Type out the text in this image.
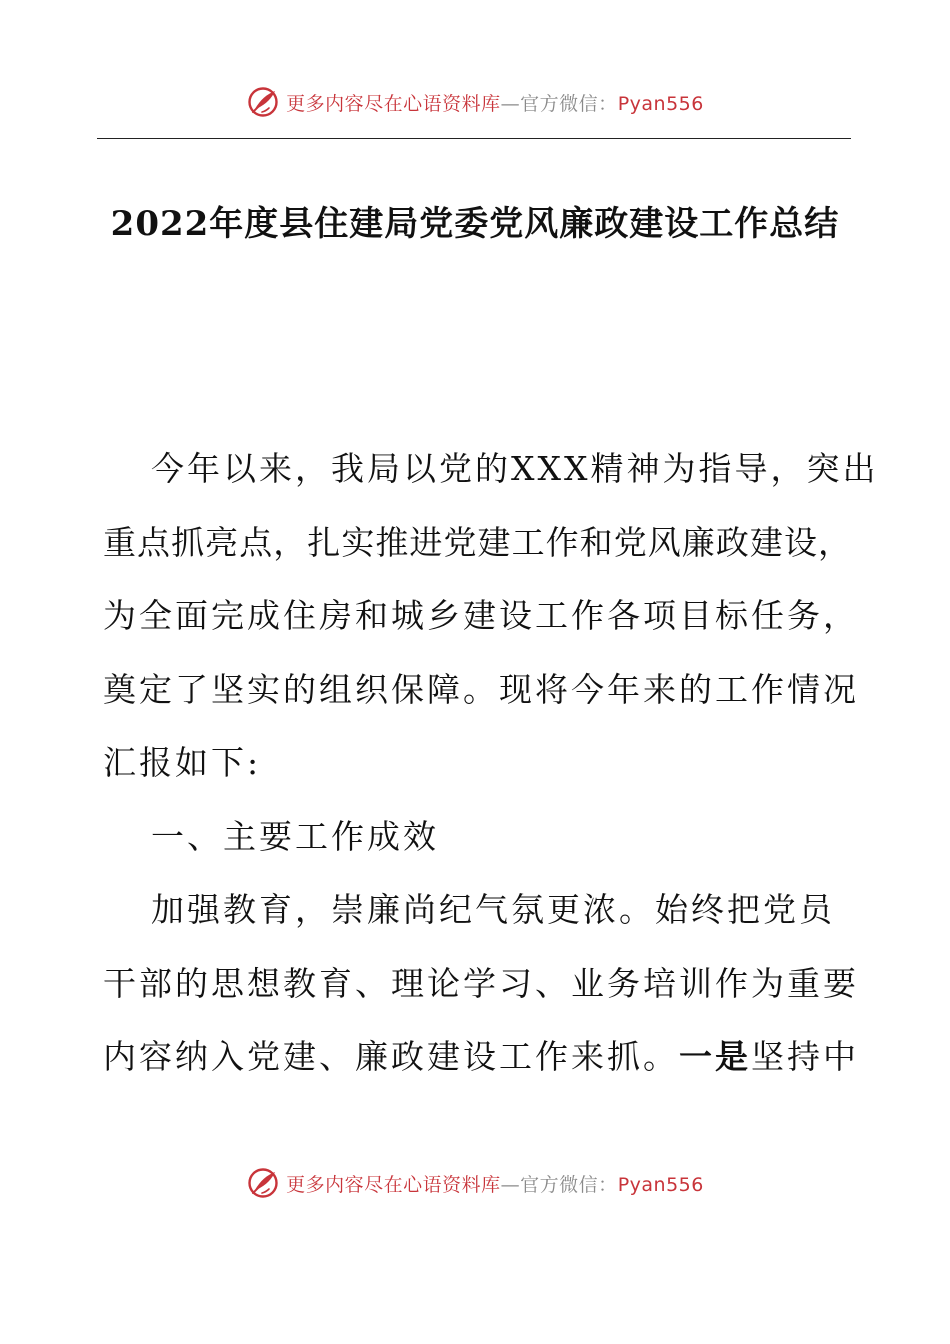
更多内容尽在心语资料库—官方微信：Pyan556
2022年度县住建局党委党风廉政建设工作总结
今年以来，我局以党的XXX精神为指导，突出
重点抓亮点，扎实推进党建工作和党风廉政建设，
为全面完成住房和城乡建设工作各项目标任务，
奠定了坚实的组织保障。现将今年来的工作情况
汇报如下:
一、主要工作成效
加强教育，崇廉尚纪气氛更浓。始终把党员
干部的思想教育、理论学习、业务培训作为重要
内容纳入党建、廉政建设工作来抓。一是坚持中
更多内容尽在心语资料库—官方微信：Pyan556
